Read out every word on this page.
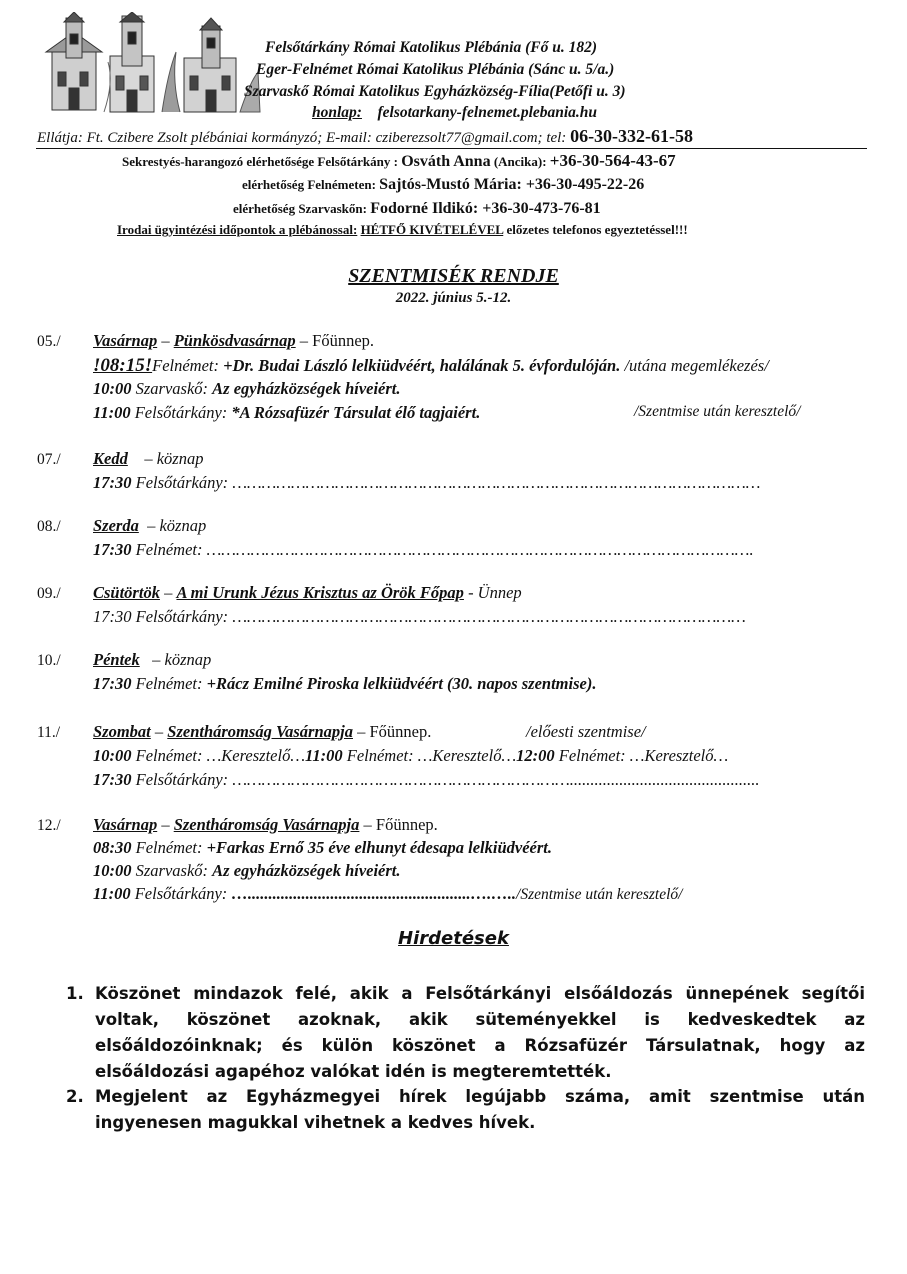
Felsőtárkány Római Katolikus Plébánia (Fő u. 182)
Eger-Felnémet Római Katolikus Plébánia (Sánc u. 5/a.)
Szarvaskő Római Katolikus Egyházközség-Fília(Petőfi u. 3)
honlap: felsotarkany-felnemet.plebania.hu
Ellátja: Ft. Czibere Zsolt plébániai kormányzó; E-mail: cziberezsolt77@gmail.com; tel: 06-30-332-61-58
Sekrestyés-harangozó elérhetősége Felsőtárkány : Osváth Anna (Ancika): +36-30-564-43-67
elérhetőség Felnémeten: Sajtós-Mustó Mária: +36-30-495-22-26
elérhetőség Szarvaskőn: Fodorné Ildikó: +36-30-473-76-81
Irodai ügyintézési időpontok a plébánossal: HÉTFŐ KIVÉTELÉVEL előzetes telefonos egyeztetéssel!!!
SZENTMISÉK RENDJE
2022. június 5.-12.
05./ Vasárnap – Pünkösdvasárnap – Főünnep.
!08:15!Felnémet: +Dr. Budai László lelkiüdvéért, halálának 5. évfordulóján. /utána megemlékezés/
10:00 Szarvaskő: Az egyházközségek híveiért.
11:00 Felsőtárkány: *A Rózsafüzér Társulat élő tagjaiért.	/Szentmise után keresztelő/
07./ Kedd – köznap
17:30 Felsőtárkány: ………………………………………………………………………………………………
08./ Szerda – köznap
17:30 Felnémet: ………………………………………………………………………………………………….
09./ Csütörtök – A mi Urunk Jézus Krisztus az Örök Főpap - Ünnep
17:30 Felsőtárkány: ……………………………………………………………………………………………
10./ Péntek – köznap
17:30 Felnémet: +Rácz Emilné Piroska lelkiüdvéért (30. napos szentmise).
11./ Szombat – Szentháromság Vasárnapja – Főünnep.	/előesti szentmise/
10:00 Felnémet: …Keresztelő…11:00 Felnémet: …Keresztelő…12:00 Felnémet: …Keresztelő…
17:30 Felsőtárkány: ……………………………………………………………..............................................
12./ Vasárnap – Szentháromság Vasárnapja – Főünnep.
08:30 Felnémet: +Farkas Ernő 35 éve elhunyt édesapa lelkiüdvéért.
10:00 Szarvaskő: Az egyházközségek híveiért.
11:00 Felsőtárkány: …......................................................….…../Szentmise után keresztelő/
Hirdetések
1. Köszönet mindazok felé, akik a Felsőtárkányi elsőáldozás ünnepének segítői voltak, köszönet azoknak, akik süteményekkel is kedveskedtek az elsőáldozóinknak; és külön köszönet a Rózsafüzér Társulatnak, hogy az elsőáldozási agapéhoz valókat idén is megteremtették.
2. Megjelent az Egyházmegyei hírek legújabb száma, amit szentmise után ingyenesen magukkal vihetnek a kedves hívek.
